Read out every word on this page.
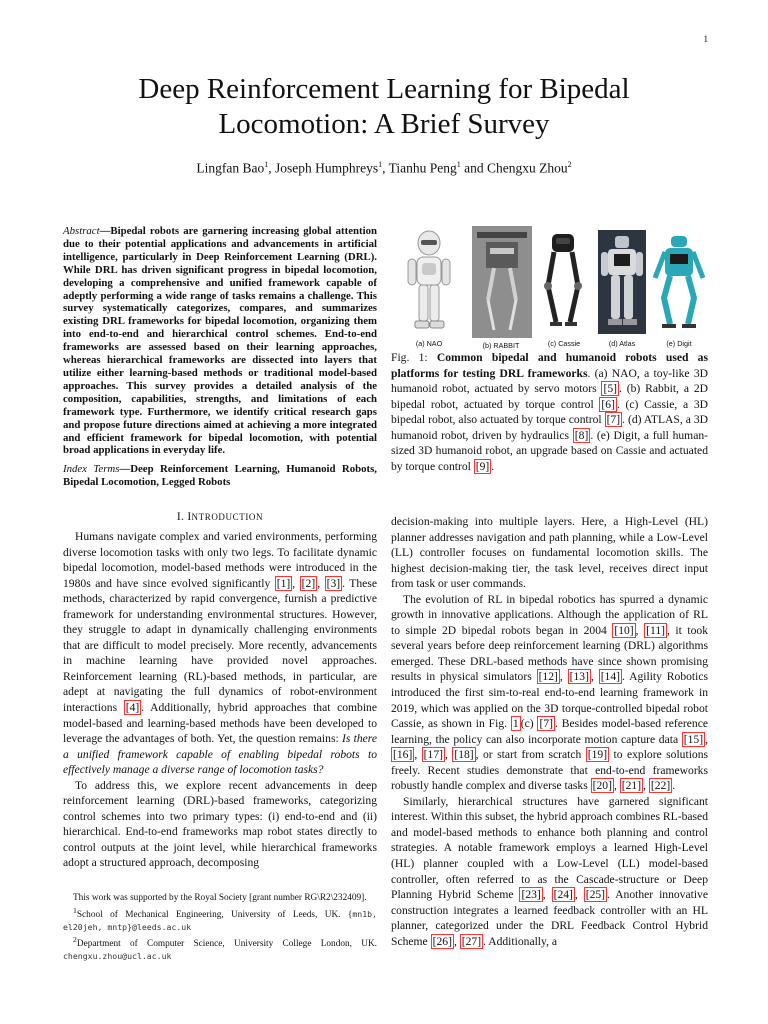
1
Deep Reinforcement Learning for Bipedal Locomotion: A Brief Survey
Lingfan Bao$^1$, Joseph Humphreys$^1$, Tianhu Peng$^1$ and Chengxu Zhou$^2$
Abstract—Bipedal robots are garnering increasing global attention due to their potential applications and advancements in artificial intelligence, particularly in Deep Reinforcement Learning (DRL). While DRL has driven significant progress in bipedal locomotion, developing a comprehensive and unified framework capable of adeptly performing a wide range of tasks remains a challenge. This survey systematically categorizes, compares, and summarizes existing DRL frameworks for bipedal locomotion, organizing them into end-to-end and hierarchical control schemes. End-to-end frameworks are assessed based on their learning approaches, whereas hierarchical frameworks are dissected into layers that utilize either learning-based methods or traditional model-based approaches. This survey provides a detailed analysis of the composition, capabilities, strengths, and limitations of each framework type. Furthermore, we identify critical research gaps and propose future directions aimed at achieving a more integrated and efficient framework for bipedal locomotion, with potential broad applications in everyday life.
Index Terms—Deep Reinforcement Learning, Humanoid Robots, Bipedal Locomotion, Legged Robots
(a) NAO	(b) RABBIT	(c) Cassie	(d) Atlas	(e) Digit
Fig. 1: Common bipedal and humanoid robots used as platforms for testing DRL frameworks. (a) NAO, a toy-like 3D humanoid robot, actuated by servo motors [5] . (b) Rabbit, a 2D bipedal robot, actuated by torque control [6] . (c) Cassie, a 3D bipedal robot, also actuated by torque control [7] . (d) ATLAS, a 3D humanoid robot, driven by hydraulics [8] . (e) Digit, a full human-sized 3D humanoid robot, an upgrade based on Cassie and actuated by torque control [9] .
I. INTRODUCTION

Humans navigate complex and varied environments, performing diverse locomotion tasks with only two legs. To facilitate dynamic bipedal locomotion, model-based methods were introduced in the 1980s and have since evolved significantly [1] , [2] , [3] . These methods, characterized by rapid convergence, furnish a predictive framework for understanding environmental structures. However, they struggle to adapt in dynamically challenging environments that are difficult to model precisely. More recently, advancements in machine learning have provided novel approaches. Reinforcement learning (RL)-based methods, in particular, are adept at navigating the full dynamics of robot-environment interactions [4] . Additionally, hybrid approaches that combine model-based and learning-based methods have been developed to leverage the advantages of both. Yet, the question remains: Is there a unified framework capable of enabling bipedal robots to effectively manage a diverse range of locomotion tasks?

To address this, we explore recent advancements in deep reinforcement learning (DRL)-based frameworks, categorizing control schemes into two primary types: (i) end-to-end and (ii) hierarchical. End-to-end frameworks map robot states directly to control outputs at the joint level, while hierarchical frameworks adopt a structured approach, decomposing

This work was supported by the Royal Society [grant number RG\R2\232409].

$^1$School of Mechanical Engineering, University of Leeds, UK. {mn1b, el20jeh, mntp}@leeds.ac.uk

$^2$Department of Computer Science, University College London, UK. chengxu.zhou@ucl.ac.uk

decision-making into multiple layers. Here, a High-Level (HL) planner addresses navigation and path planning, while a Low-Level (LL) controller focuses on fundamental locomotion skills. The highest decision-making tier, the task level, receives direct input from task or user commands.

The evolution of RL in bipedal robotics has spurred a dynamic growth in innovative applications. Although the application of RL to simple 2D bipedal robots began in 2004 [10] , [11] , it took several years before deep reinforcement learning (DRL) algorithms emerged. These DRL-based methods have since shown promising results in physical simulators [12] , [13] , [14] . Agility Robotics introduced the first sim-to-real end-to-end learning framework in 2019, which was applied on the 3D torque-controlled bipedal robot Cassie, as shown in Fig. 1 (c) [7] . Besides model-based reference learning, the policy can also incorporate motion capture data [15] , [16] , [17] , [18] , or start from scratch [19] to explore solutions freely. Recent studies demonstrate that end-to-end frameworks robustly handle complex and diverse tasks [20] , [21] , [22] .

Similarly, hierarchical structures have garnered significant interest. Within this subset, the hybrid approach combines RL-based and model-based methods to enhance both planning and control strategies. A notable framework employs a learned High-Level (HL) planner coupled with a Low-Level (LL) model-based controller, often referred to as the Cascade-structure or Deep Planning Hybrid Scheme [23] , [24] , [25] . Another innovative construction integrates a learned feedback controller with an HL planner, categorized under the DRL Feedback Control Hybrid Scheme [26] , [27] . Additionally, a
